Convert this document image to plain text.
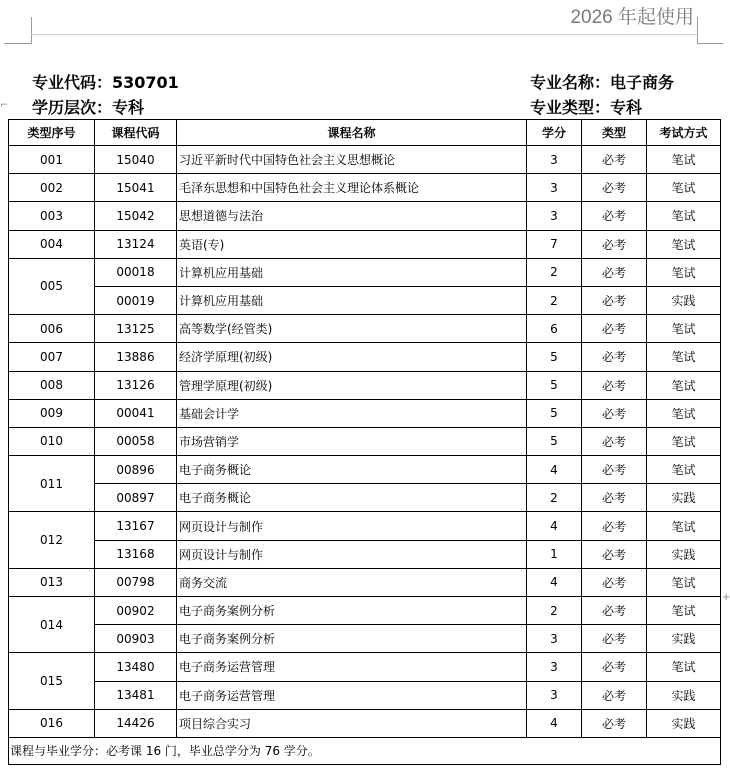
2026 年起使用
⌐
+
专业代码：530701
学历层次：专科
专业名称：电子商务
专业类型：专科
类型序号	课程代码	课程名称	学分	类型	考试方式
001	15040	习近平新时代中国特色社会主义思想概论	3	必考	笔试
002	15041	毛泽东思想和中国特色社会主义理论体系概论	3	必考	笔试
003	15042	思想道德与法治	3	必考	笔试
004	13124	英语(专)	7	必考	笔试
005	00018	计算机应用基础	2	必考	笔试
	00019	计算机应用基础	2	必考	实践
006	13125	高等数学(经管类)	6	必考	笔试
007	13886	经济学原理(初级)	5	必考	笔试
008	13126	管理学原理(初级)	5	必考	笔试
009	00041	基础会计学	5	必考	笔试
010	00058	市场营销学	5	必考	笔试
011	00896	电子商务概论	4	必考	笔试
	00897	电子商务概论	2	必考	实践
012	13167	网页设计与制作	4	必考	笔试
	13168	网页设计与制作	1	必考	实践
013	00798	商务交流	4	必考	笔试
014	00902	电子商务案例分析	2	必考	笔试
	00903	电子商务案例分析	3	必考	实践
015	13480	电子商务运营管理	3	必考	笔试
	13481	电子商务运营管理	3	必考	实践
016	14426	项目综合实习	4	必考	实践
课程与毕业学分：必考课 16 门，毕业总学分为 76 学分。					
